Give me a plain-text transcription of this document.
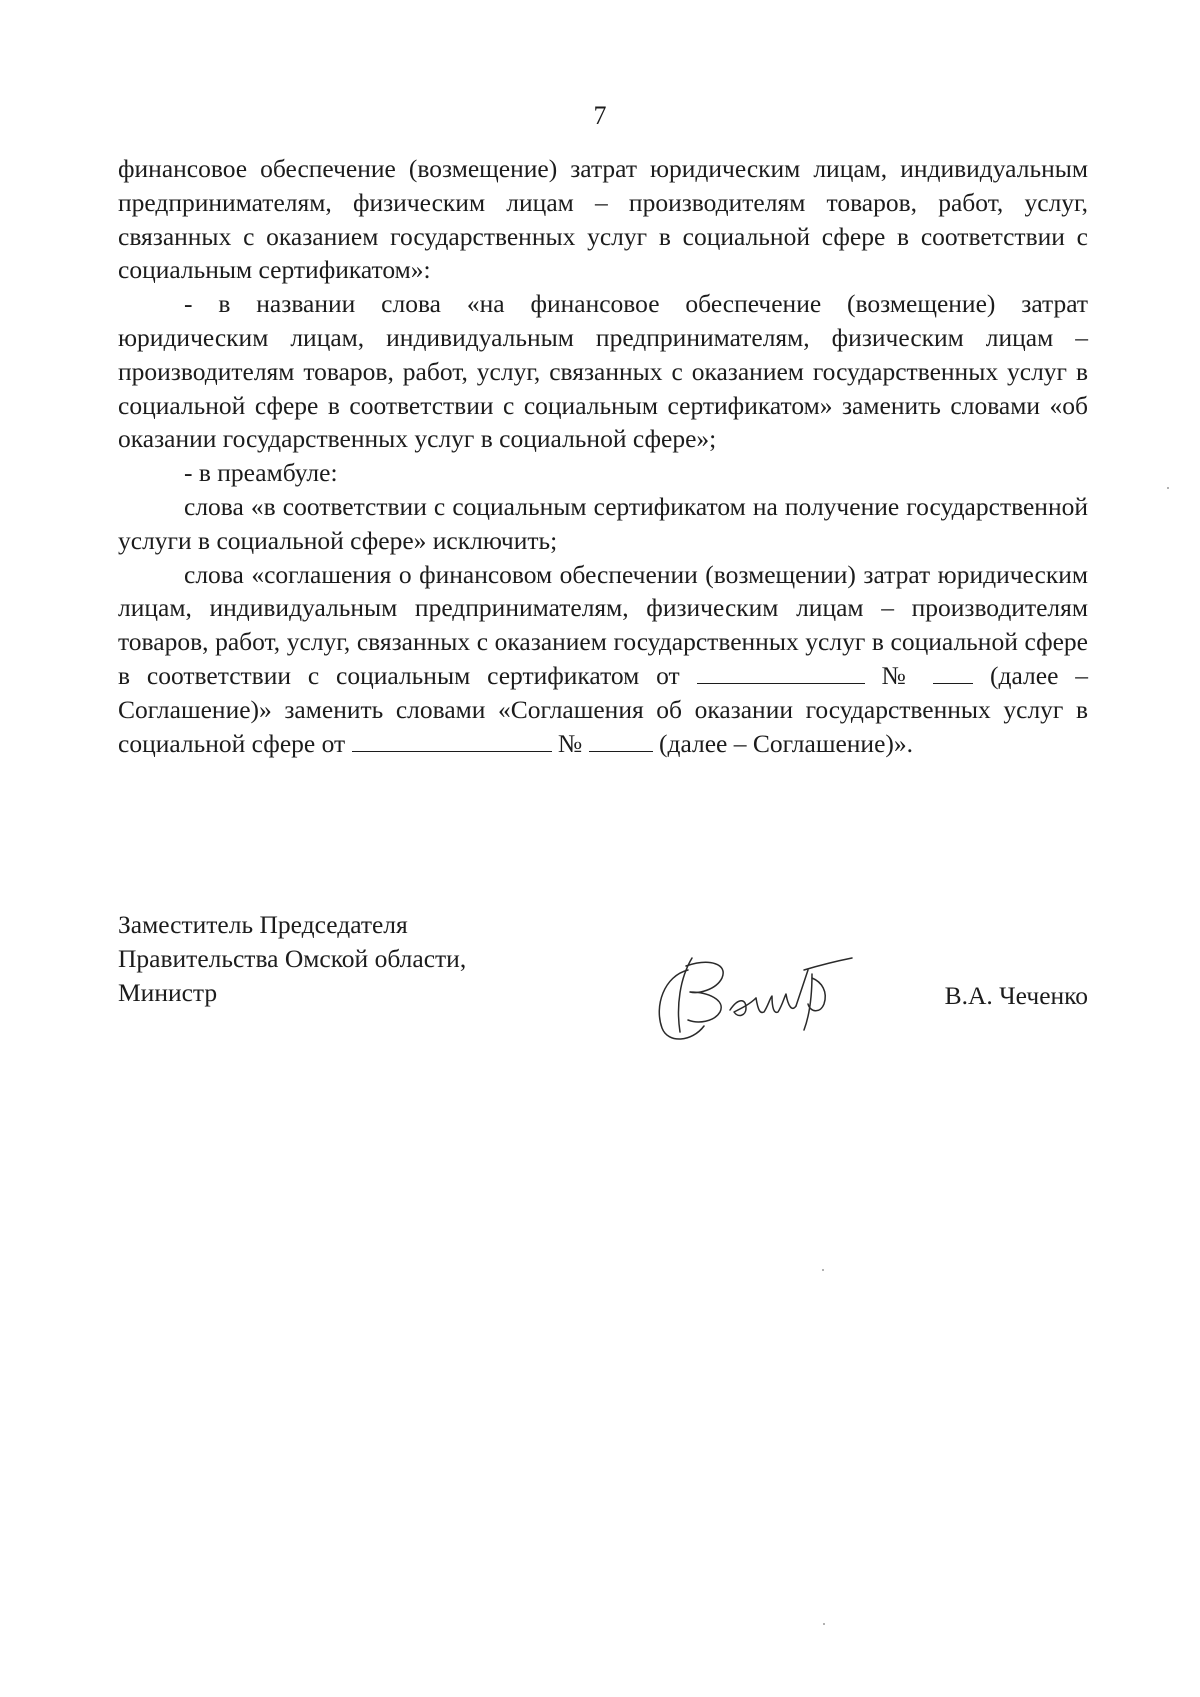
7

финансовое обеспечение (возмещение) затрат юридическим лицам, индивидуальным предпринимателям, физическим лицам – производителям товаров, работ, услуг, связанных с оказанием государственных услуг в социальной сфере в соответствии с социальным сертификатом»:

- в названии слова «на финансовое обеспечение (возмещение) затрат юридическим лицам, индивидуальным предпринимателям, физическим лицам – производителям товаров, работ, услуг, связанных с оказанием государственных услуг в социальной сфере в соответствии с социальным сертификатом» заменить словами «об оказании государственных услуг в социальной сфере»;

- в преамбуле:

слова «в соответствии с социальным сертификатом на получение государственной услуги в социальной сфере» исключить;

слова «соглашения о финансовом обеспечении (возмещении) затрат юридическим лицам, индивидуальным предпринимателям, физическим лицам – производителям товаров, работ, услуг, связанных с оказанием государственных услуг в социальной сфере в соответствии с социальным сертификатом от	№	(далее – Соглашение)» заменить словами «Соглашения об оказании государственных услуг в социальной сфере от	№	(далее – Соглашение)».

Заместитель Председателя
Правительства Омской области,
Министр	В.А. Чеченко
